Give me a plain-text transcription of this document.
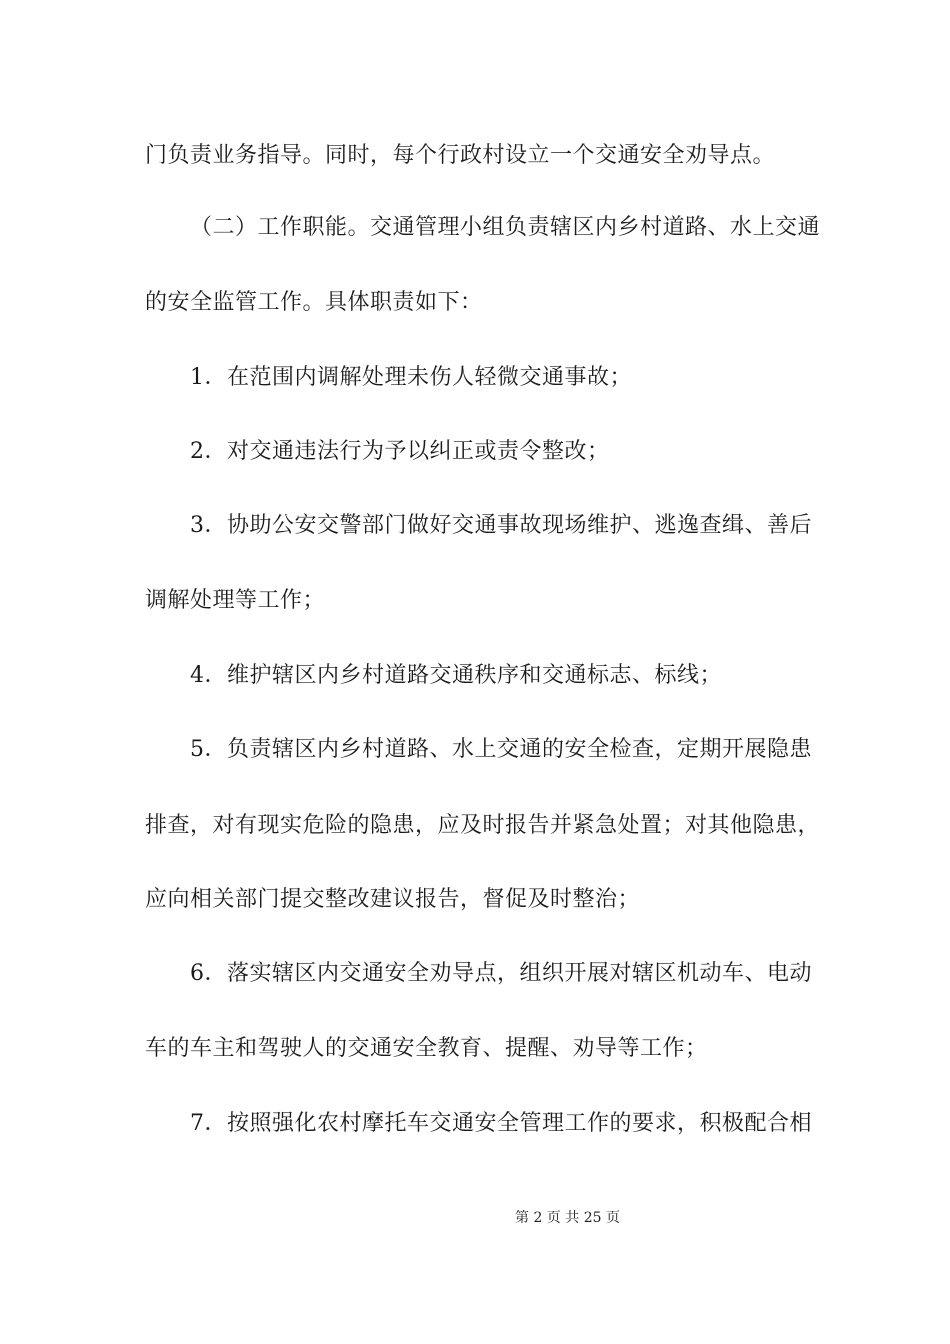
门负责业务指导。同时，每个行政村设立一个交通安全劝导点。
（二）工作职能。交通管理小组负责辖区内乡村道路、水上交通
的安全监管工作。具体职责如下：
1．在范围内调解处理未伤人轻微交通事故；
2．对交通违法行为予以纠正或责令整改；
3．协助公安交警部门做好交通事故现场维护、逃逸查缉、善后
调解处理等工作；
4．维护辖区内乡村道路交通秩序和交通标志、标线；
5．负责辖区内乡村道路、水上交通的安全检查，定期开展隐患
排查，对有现实危险的隐患，应及时报告并紧急处置；对其他隐患，
应向相关部门提交整改建议报告，督促及时整治；
6．落实辖区内交通安全劝导点，组织开展对辖区机动车、电动
车的车主和驾驶人的交通安全教育、提醒、劝导等工作；
7．按照强化农村摩托车交通安全管理工作的要求，积极配合相
第 2 页 共 25 页
